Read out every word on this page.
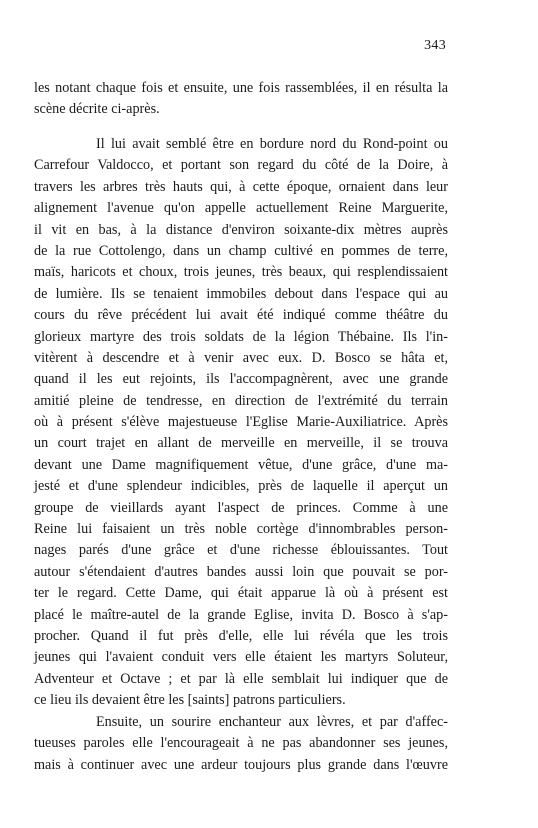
343
les notant chaque fois et ensuite, une fois rassemblées, il en résulta la
scène décrite ci-après.
Il lui avait semblé être en bordure nord du Rond-point ou
Carrefour Valdocco, et portant son regard du côté de la Doire, à
travers les arbres très hauts qui, à cette époque, ornaient dans leur
alignement l'avenue qu'on appelle actuellement Reine Marguerite,
il vit en bas, à la distance d'environ soixante-dix mètres auprès
de la rue Cottolengo, dans un champ cultivé en pommes de terre,
maïs, haricots et choux, trois jeunes, très beaux, qui resplendissaient
de lumière. Ils se tenaient immobiles debout dans l'espace qui au
cours du rêve précédent lui avait été indiqué comme théâtre du
glorieux martyre des trois soldats de la légion Thébaine. Ils l'in-
vitèrent à descendre et à venir avec eux. D. Bosco se hâta et,
quand il les eut rejoints, ils l'accompagnèrent, avec une grande
amitié pleine de tendresse, en direction de l'extrémité du terrain
où à présent s'élève majestueuse l'Eglise Marie-Auxiliatrice. Après
un court trajet en allant de merveille en merveille, il se trouva
devant une Dame magnifiquement vêtue, d'une grâce, d'une ma-
jesté et d'une splendeur indicibles, près de laquelle il aperçut un
groupe de vieillards ayant l'aspect de princes. Comme à une
Reine lui faisaient un très noble cortège d'innombrables person-
nages parés d'une grâce et d'une richesse éblouissantes. Tout
autour s'étendaient d'autres bandes aussi loin que pouvait se por-
ter le regard. Cette Dame, qui était apparue là où à présent est
placé le maître-autel de la grande Eglise, invita D. Bosco à s'ap-
procher. Quand il fut près d'elle, elle lui révéla que les trois
jeunes qui l'avaient conduit vers elle étaient les martyrs Soluteur,
Adventeur et Octave ; et par là elle semblait lui indiquer que de
ce lieu ils devaient être les [saints] patrons particuliers.
Ensuite, un sourire enchanteur aux lèvres, et par d'affec-
tueuses paroles elle l'encourageait à ne pas abandonner ses jeunes,
mais à continuer avec une ardeur toujours plus grande dans l'œuvre
